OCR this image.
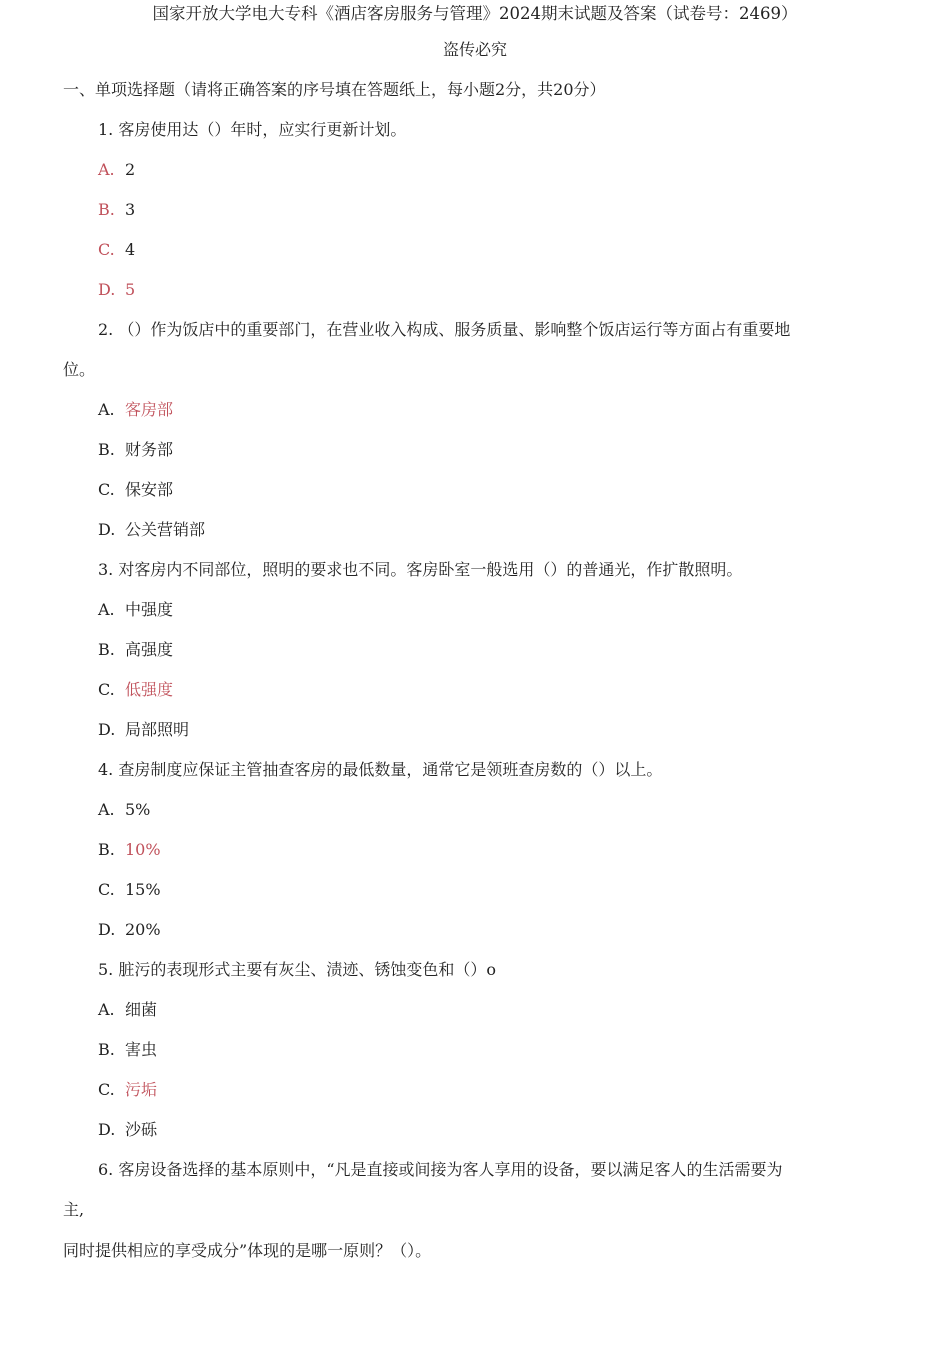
国家开放大学电大专科《酒店客房服务与管理》2024期末试题及答案（试卷号：2469）
盗传必究
一、单项选择题（请将正确答案的序号填在答题纸上，每小题2分，共20分）
1. 客房使用达（）年时，应实行更新计划。
A. 2
B. 3
C. 4
D. 5
2. （）作为饭店中的重要部门，在营业收入构成、服务质量、影响整个饭店运行等方面占有重要地
位。
A. 客房部
B. 财务部
C. 保安部
D. 公关营销部
3. 对客房内不同部位，照明的要求也不同。客房卧室一般选用（）的普通光，作扩散照明。
A. 中强度
B. 高强度
C. 低强度
D. 局部照明
4. 查房制度应保证主管抽查客房的最低数量，通常它是领班查房数的（）以上。
A. 5%
B. 10%
C. 15%
D. 20%
5. 脏污的表现形式主要有灰尘、渍迹、锈蚀变色和（）o
A. 细菌
B. 害虫
C. 污垢
D. 沙砾
6. 客房设备选择的基本原则中，“凡是直接或间接为客人享用的设备，要以满足客人的生活需要为
主,
同时提供相应的享受成分”体现的是哪一原则？（）。
